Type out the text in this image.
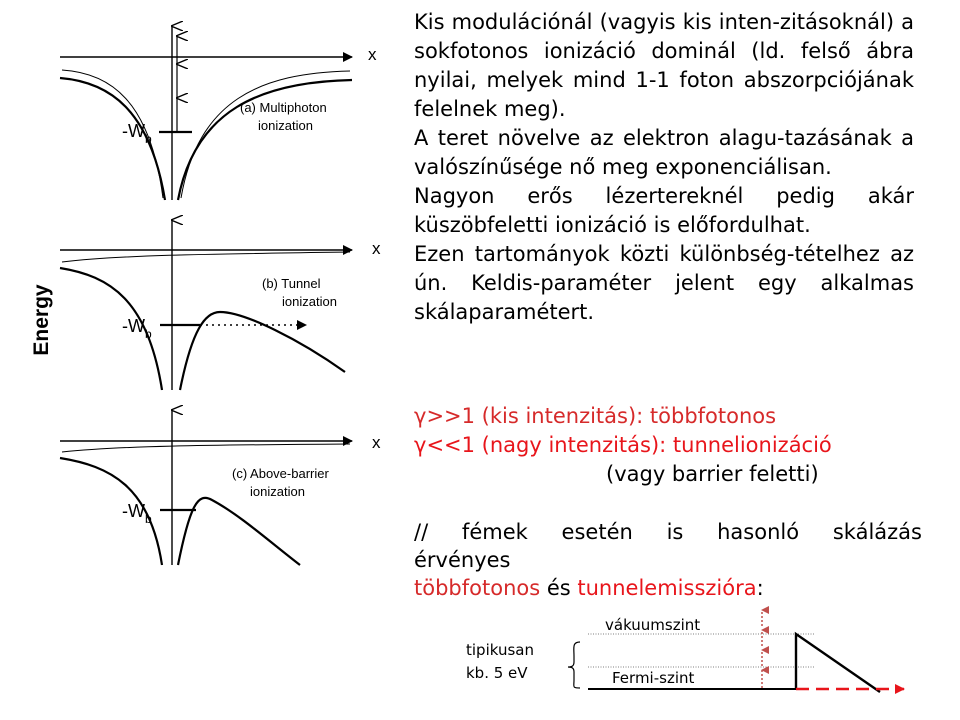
Energy
x
$-W_b$
(a) Multiphoton
ionization
x
$-W_b$
(b) Tunnel
ionization
x
$-W_b$
(c) Above-barrier
ionization

Kis modulációnál (vagyis kis inten-zitásoknál) a sokfotonos ionizáció dominál (ld. felső ábra nyilai, melyek mind 1-1 foton abszorpciójának felelnek meg).

A teret növelve az elektron alagu-tazásának a valószínűsége nő meg exponenciálisan.

Nagyon erős lézertereknél pedig akár küszöbfeletti ionizáció is előfordulhat.

Ezen tartományok közti különbség-tételhez az ún. Keldis-paraméter jelent egy alkalmas skálaparamétert.

γ>>1 (kis intenzitás): többfotonos
γ<<1 (nagy intenzitás): tunnelionizáció
(vagy barrier feletti)
// fémek esetén is hasonló skálázás
érvényes
többfotonos és tunnelemisszióra:
tipikusan
kb. 5 eV
vákuumszint
Fermi-szint
